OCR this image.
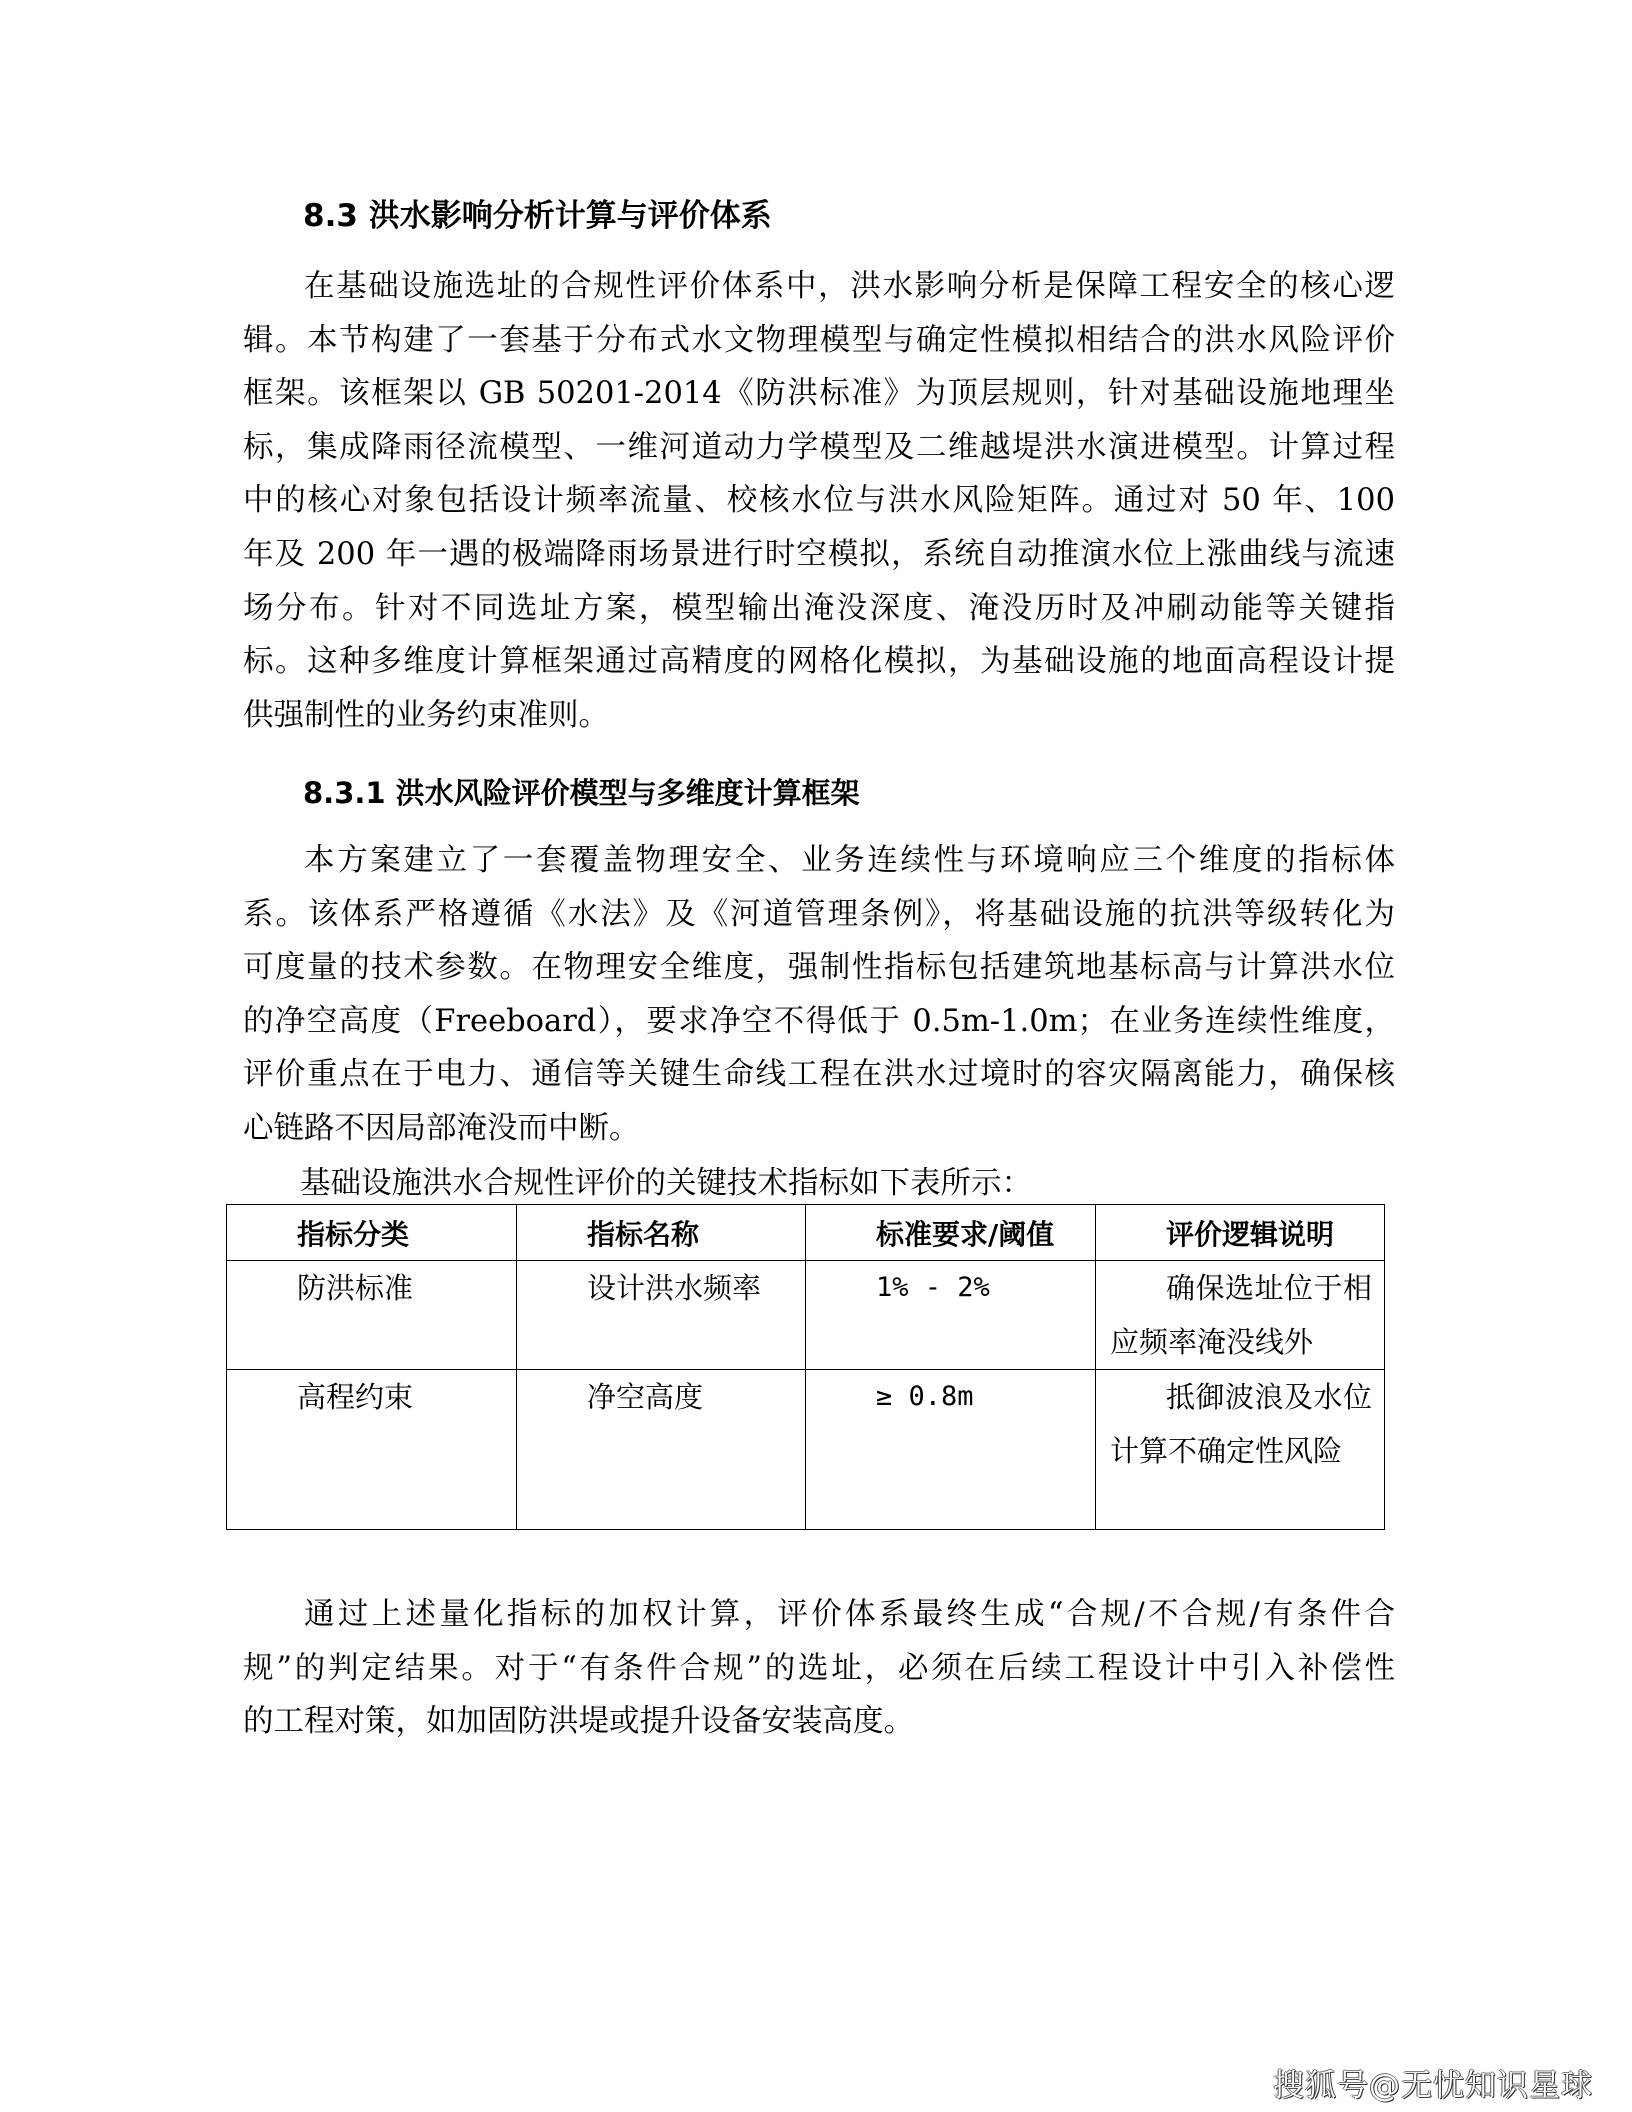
8.3 洪水影响分析计算与评价体系
在基础设施选址的合规性评价体系中，洪水影响分析是保障工程安全的核心逻
辑。本节构建了一套基于分布式水文物理模型与确定性模拟相结合的洪水风险评价
框架。该框架以 GB 50201-2014《防洪标准》为顶层规则，针对基础设施地理坐
标，集成降雨径流模型、一维河道动力学模型及二维越堤洪水演进模型。计算过程
中的核心对象包括设计频率流量、校核水位与洪水风险矩阵。通过对 50 年、100
年及 200 年一遇的极端降雨场景进行时空模拟，系统自动推演水位上涨曲线与流速
场分布。针对不同选址方案，模型输出淹没深度、淹没历时及冲刷动能等关键指
标。这种多维度计算框架通过高精度的网格化模拟，为基础设施的地面高程设计提
供强制性的业务约束准则。
8.3.1 洪水风险评价模型与多维度计算框架
本方案建立了一套覆盖物理安全、业务连续性与环境响应三个维度的指标体
系。该体系严格遵循《水法》及《河道管理条例》，将基础设施的抗洪等级转化为
可度量的技术参数。在物理安全维度，强制性指标包括建筑地基标高与计算洪水位
的净空高度（Freeboard），要求净空不得低于 0.5m-1.0m；在业务连续性维度，
评价重点在于电力、通信等关键生命线工程在洪水过境时的容灾隔离能力，确保核
心链路不因局部淹没而中断。
基础设施洪水合规性评价的关键技术指标如下表所示：
指标分类	指标名称	标准要求/阈值	评价逻辑说明

防洪标准	设计洪水频率	1% - 2%	确保选址位于相应频率淹没线外

高程约束	净空高度	≥ 0.8m	抵御波浪及水位计算不确定性风险
通过上述量化指标的加权计算，评价体系最终生成“合规/不合规/有条件合
规”的判定结果。对于“有条件合规”的选址，必须在后续工程设计中引入补偿性
的工程对策，如加固防洪堤或提升设备安装高度。
搜狐号@无忧知识星球
